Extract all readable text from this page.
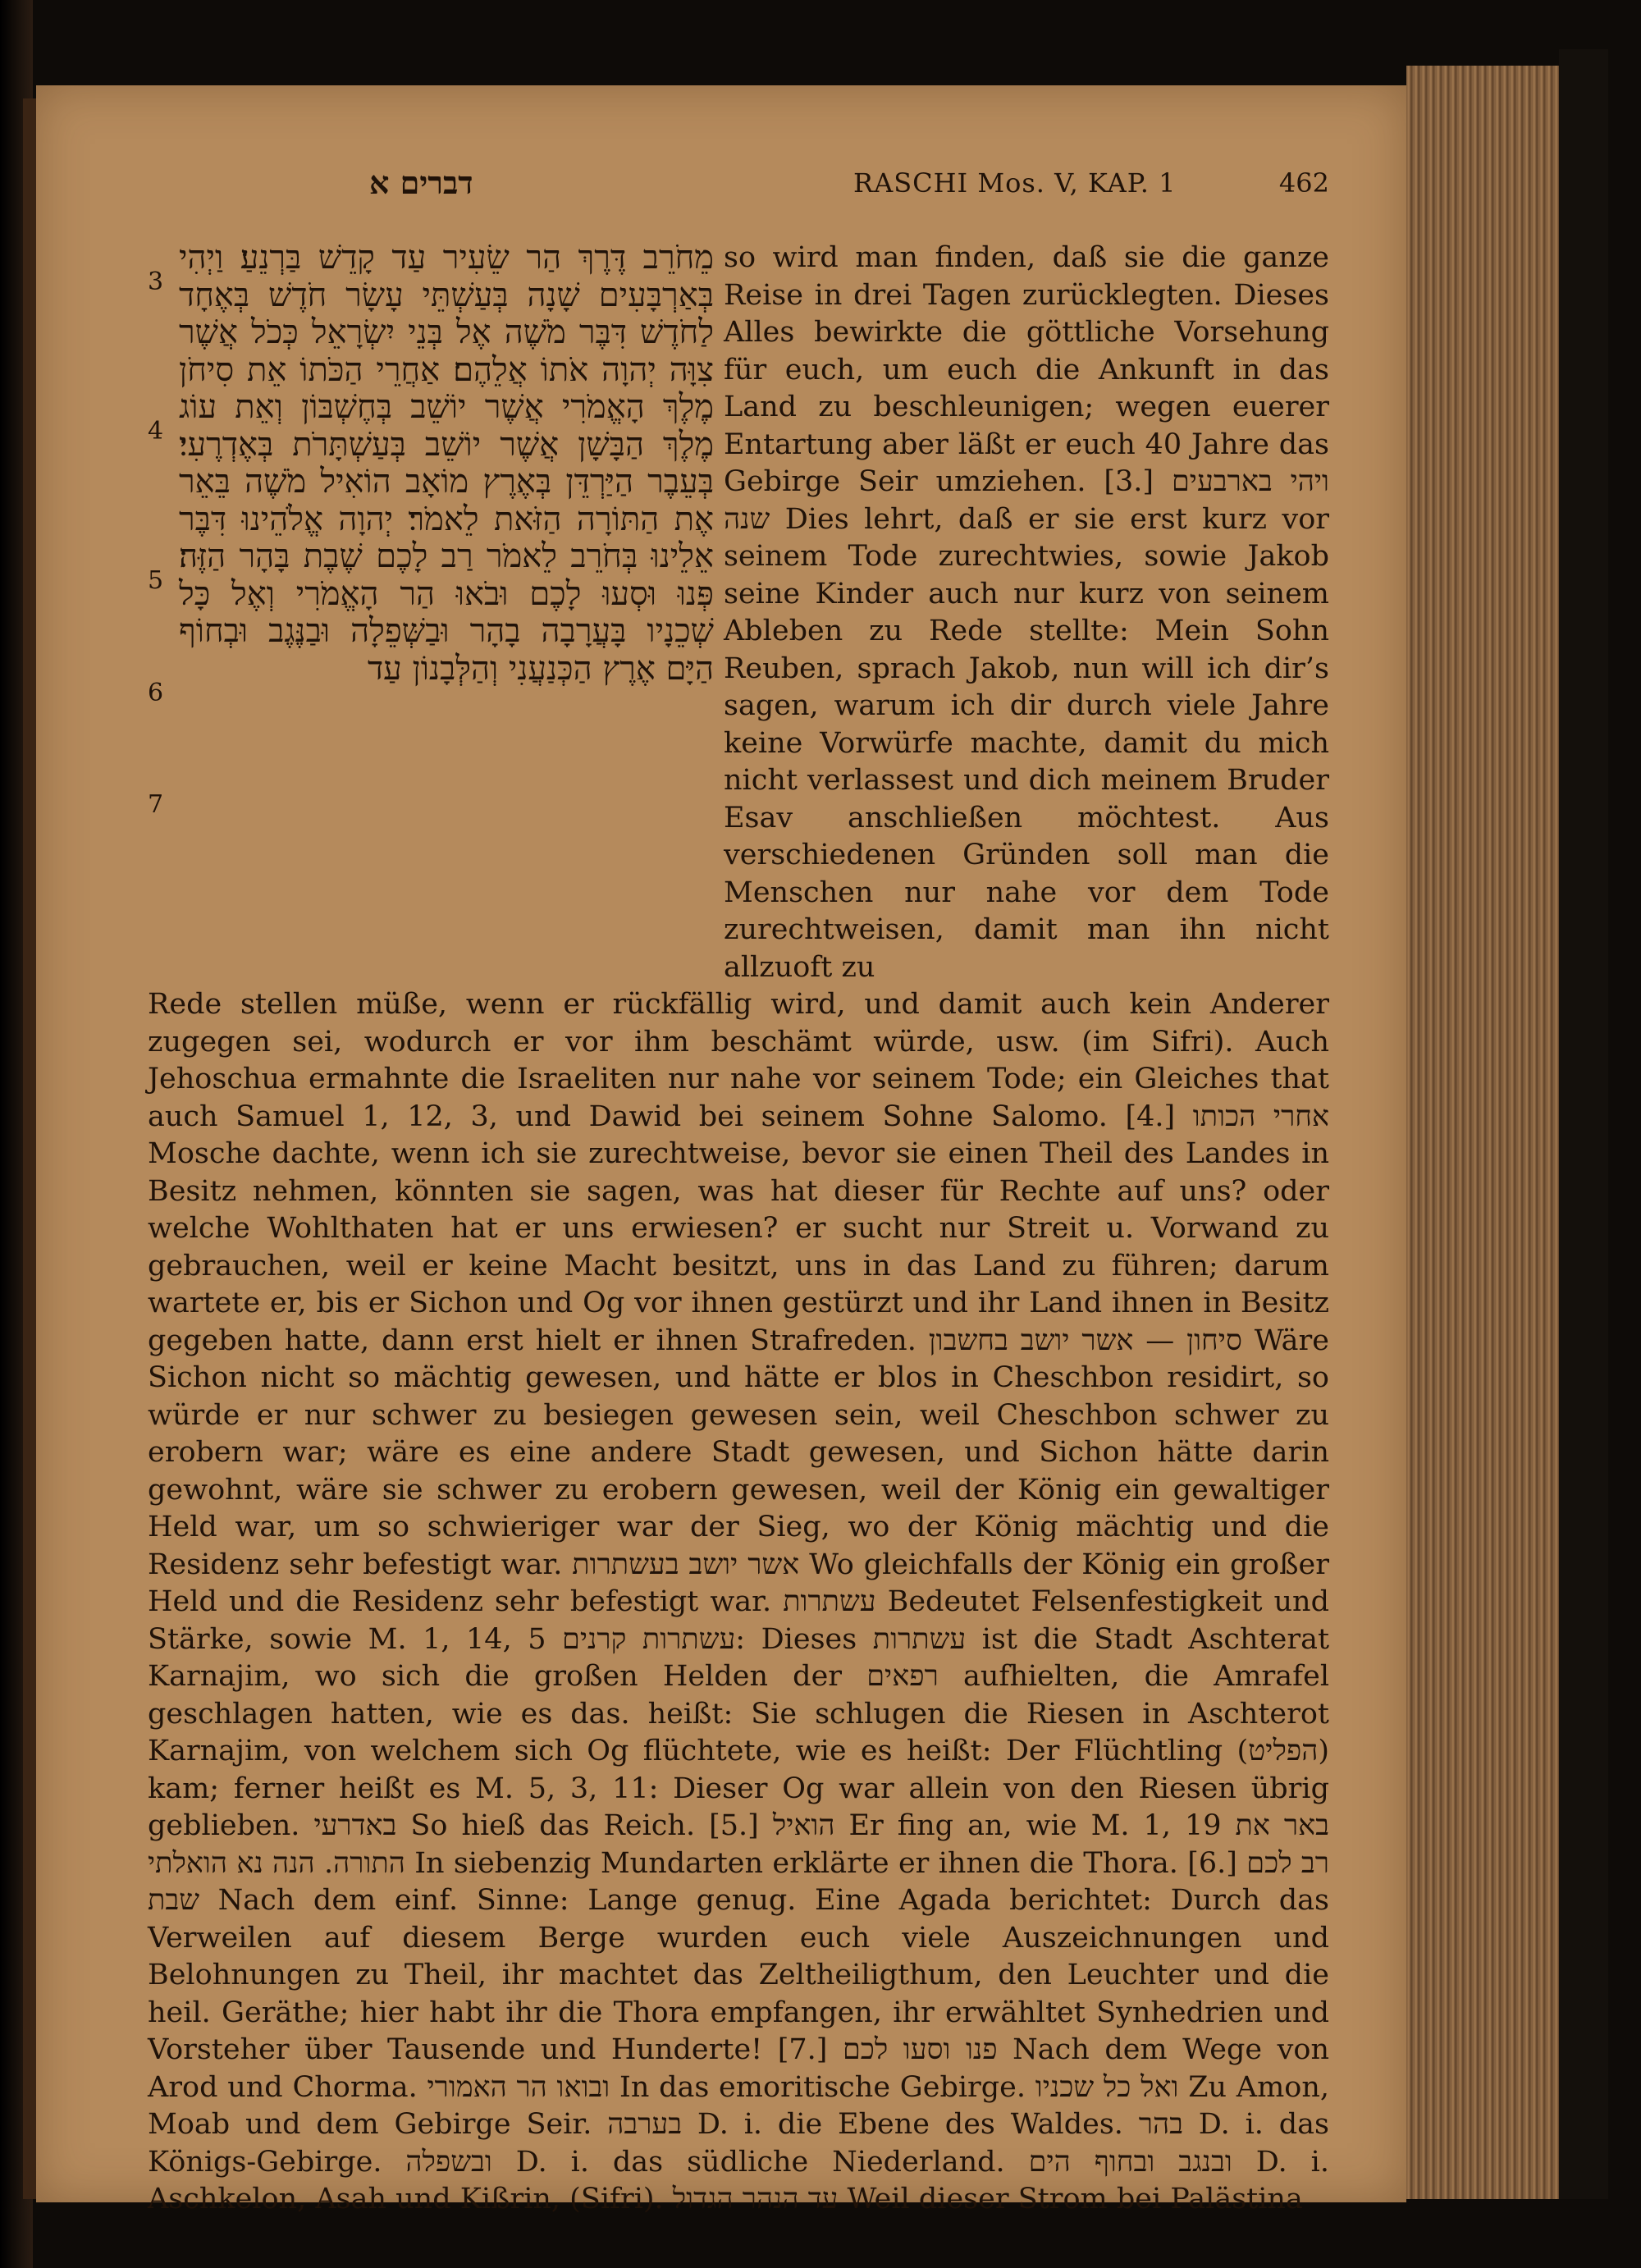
דברים א	RASCHI Mos. V, KAP. 1	462
3
4
5
6
7
מֵחֹרֵב דֶּרֶךְ הַר שֵׂעִיר עַד קָדֵשׁ בַּרְנֵעַ׃ וַיְהִי בְּאַרְבָּעִים שָׁנָה בְּעַשְׁתֵּי עָשָׂר חֹדֶשׁ בְּאֶחָד לַחֹדֶשׁ דִּבֶּר מֹשֶׁה אֶל בְּנֵי יִשְׂרָאֵל כְּכֹל אֲשֶׁר צִוָּה יְהוָה אֹתוֹ אֲלֵהֶם׃ אַחֲרֵי הַכֹּתוֹ אֵת סִיחֹן מֶלֶךְ הָאֱמֹרִי אֲשֶׁר יוֹשֵׁב בְּחֶשְׁבּוֹן וְאֵת עוֹג מֶלֶךְ הַבָּשָׁן אֲשֶׁר יוֹשֵׁב בְּעַשְׁתָּרֹת בְּאֶדְרֶעִי׃ בְּעֵבֶר הַיַּרְדֵּן בְּאֶרֶץ מוֹאָב הוֹאִיל מֹשֶׁה בֵּאֵר אֶת הַתּוֹרָה הַזֹּאת לֵאמֹר׃ יְהוָה אֱלֹהֵינוּ דִּבֶּר אֵלֵינוּ בְּחֹרֵב לֵאמֹר רַב לָכֶם שֶׁבֶת בָּהָר הַזֶּה׃ פְּנוּ וּסְעוּ לָכֶם וּבֹאוּ הַר הָאֱמֹרִי וְאֶל כָּל שְׁכֵנָיו בָּעֲרָבָה בָהָר וּבַשְּׁפֵלָה וּבַנֶּגֶב וּבְחוֹף הַיָּם אֶרֶץ הַכְּנַעֲנִי וְהַלְּבָנוֹן עַד
so wird man finden, daß sie die ganze Reise in drei Tagen zurücklegten. Dieses Alles bewirkte die göttliche Vorsehung für euch, um euch die Ankunft in das Land zu beschleunigen; wegen euerer Entartung aber läßt er euch 40 Jahre das Gebirge Seir umziehen. [3.] ויהי בארבעים שנה Dies lehrt, daß er sie erst kurz vor seinem Tode zurechtwies, sowie Jakob seine Kinder auch nur kurz von seinem Ableben zu Rede stellte: Mein Sohn Reuben, sprach Jakob, nun will ich dir’s sagen, warum ich dir durch viele Jahre keine Vorwürfe machte, damit du mich nicht verlassest und dich meinem Bruder Esav anschließen möchtest. Aus verschiedenen Gründen soll man die Menschen nur nahe vor dem Tode zurechtweisen, damit man ihn nicht allzuoft zu
Rede stellen müße, wenn er rückfällig wird, und damit auch kein Anderer zugegen sei, wodurch er vor ihm beschämt würde, usw. (im Sifri). Auch Jehoschua ermahnte die Israeliten nur nahe vor seinem Tode; ein Gleiches that auch Samuel 1, 12, 3, und Dawid bei seinem Sohne Salomo. [4.] אחרי הכותו Mosche dachte, wenn ich sie zurechtweise, bevor sie einen Theil des Landes in Besitz nehmen, könnten sie sagen, was hat dieser für Rechte auf uns? oder welche Wohlthaten hat er uns erwiesen? er sucht nur Streit u. Vorwand zu gebrauchen, weil er keine Macht besitzt, uns in das Land zu führen; darum wartete er, bis er Sichon und Og vor ihnen gestürzt und ihr Land ihnen in Besitz gegeben hatte, dann erst hielt er ihnen Strafreden. סיחון — אשר יושב בחשבון Wäre Sichon nicht so mächtig gewesen, und hätte er blos in Cheschbon residirt, so würde er nur schwer zu besiegen gewesen sein, weil Cheschbon schwer zu erobern war; wäre es eine andere Stadt gewesen, und Sichon hätte darin gewohnt, wäre sie schwer zu erobern gewesen, weil der König ein gewaltiger Held war, um so schwieriger war der Sieg, wo der König mächtig und die Residenz sehr befestigt war. אשר יושב בעשתרות Wo gleichfalls der König ein großer Held und die Residenz sehr befestigt war. עשתרות Bedeutet Felsenfestigkeit und Stärke, sowie M. 1, 14, 5 עשתרות קרנים: Dieses עשתרות ist die Stadt Aschterat Karnajim, wo sich die großen Helden der רפאים aufhielten, die Amrafel geschlagen hatten, wie es das. heißt: Sie schlugen die Riesen in Aschterot Karnajim, von welchem sich Og flüchtete, wie es heißt: Der Flüchtling (הפליט) kam; ferner heißt es M. 5, 3, 11: Dieser Og war allein von den Riesen übrig geblieben. באדרעי So hieß das Reich. [5.] הואיל Er fing an, wie M. 1, 19 באר את התורה. הנה נא הואלתי In siebenzig Mundarten erklärte er ihnen die Thora. [6.] רב לכם שבת Nach dem einf. Sinne: Lange genug. Eine Agada berichtet: Durch das Verweilen auf diesem Berge wurden euch viele Auszeichnungen und Belohnungen zu Theil, ihr machtet das Zeltheiligthum, den Leuchter und die heil. Geräthe; hier habt ihr die Thora empfangen, ihr erwähltet Synhedrien und Vorsteher über Tausende und Hunderte! [7.] פנו וסעו לכם Nach dem Wege von Arod und Chorma. ובואו הר האמורי In das emoritische Gebirge. ואל כל שכניו Zu Amon, Moab und dem Gebirge Seir. בערבה D. i. die Ebene des Waldes. בהר D. i. das Königs-Gebirge. ובשפלה D. i. das südliche Niederland. ובנגב ובחוף הים D. i. Aschkelon, Asah und Kißrin, (Sifri). עד הנהר הגדול Weil dieser Strom bei Palästina
